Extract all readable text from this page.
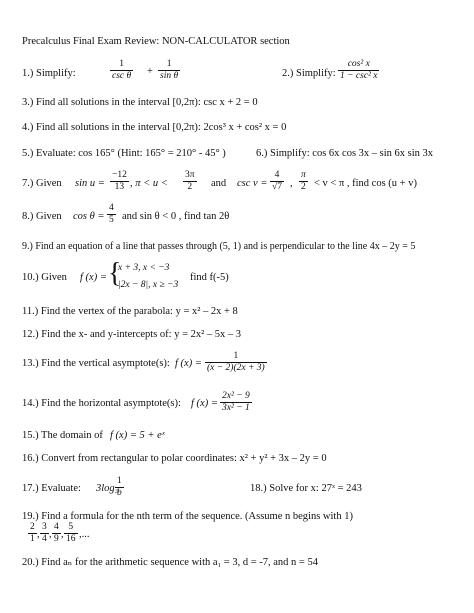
Precalculus Final Exam Review: NON-CALCULATOR section
1.) Simplify:
1
$\csc \theta + \frac{1}{\text{sin θ}}$	2.) Simplify:
cos² x
1 − csc² x
3.) Find all solutions in the interval [0,2π): csc x + 2 = 0
4.) Find all solutions in the interval [0,2π): 2cos³ x + cos² x = 0
5.) Evaluate: cos 165° (Hint: 165° = 210° - 45° )	6.) Simplify: cos 6x cos 3x – sin 6x sin 3x
7.) Given $\sin u = \frac{-12}{13}$ , $\pi < u < \frac{3\pi}{2}$ and $\csc v = \frac{4}{√7}$ , $\frac{\pi}{2} < v < \pi$ , find cos (u + v)
8.) Given $\cos \theta = \frac{4}{5}$ and sin θ < 0 , find tan 2θ
9.) Find an equation of a line that passes through (5, 1) and is perpendicular to the line 4x – 2y = 5
10.) Given f (x) = {
x + 3, x < −3
|2x − 8|, x ≥ −3
find f(-5)
11.) Find the vertex of the parabola: y = x² – 2x + 8
12.) Find the x- and y-intercepts of: y = 2x² – 5x – 3
13.) Find the vertical asymptote(s): f $(x) = \frac{1}{(x - 2)(2x + 3)}$
14.) Find the horizontal asymptote(s): f $(x) = \frac{\text{2x² − 9}}{\text{3x² − 1}}$
15.) The domain of f (x) = 5 + eˣ
16.) Convert from rectangular to polar coordinates: x² + y² + 3x – 2y = 0
17.) Evaluate: 3log₃
$\frac{1}{b}$	18.) Solve for x: 27ˣ = 243
19.) Find a formula for the nth term of the sequence. (Assume n begins with 1)
$\frac{2}{1}$ , $\frac{3}{4}$ , $\frac{4}{9}$ , $\frac{5}{16}$ ,...
20.) Find aₙ for the arithmetic sequence with a₁ = 3, d = -7, and n = 54
